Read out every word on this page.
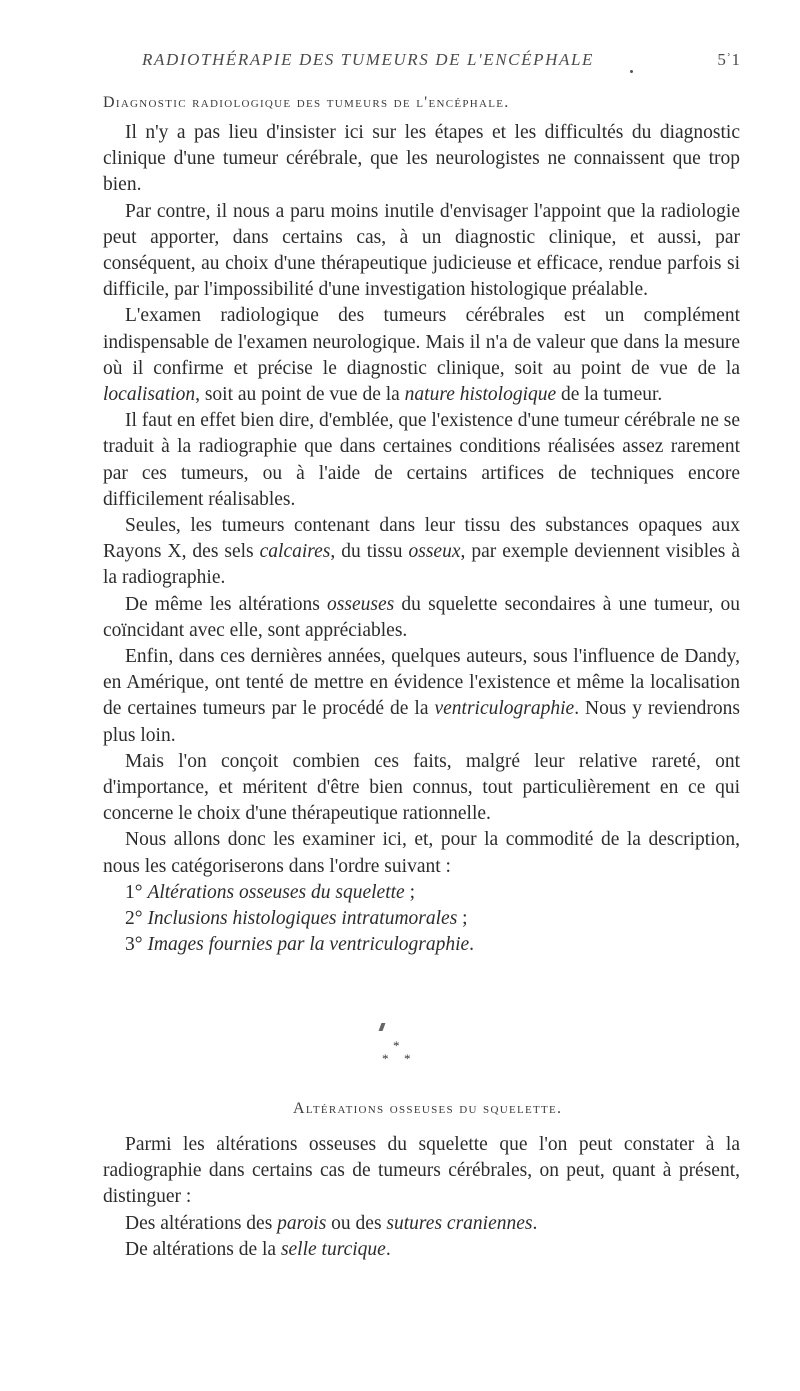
RADIOTHÉRAPIE DES TUMEURS DE L'ENCÉPHALE	5ʾ1
Diagnostic radiologique des tumeurs de l'encéphale.

Il n'y a pas lieu d'insister ici sur les étapes et les difficultés du diagnostic clinique d'une tumeur cérébrale, que les neurologistes ne connaissent que trop bien.

Par contre, il nous a paru moins inutile d'envisager l'appoint que la radiologie peut apporter, dans certains cas, à un diagnostic clinique, et aussi, par conséquent, au choix d'une thérapeutique judicieuse et efficace, rendue parfois si difficile, par l'impossibilité d'une investigation histologique préalable.

L'examen radiologique des tumeurs cérébrales est un complément indispensable de l'examen neurologique. Mais il n'a de valeur que dans la mesure où il confirme et précise le diagnostic clinique, soit au point de vue de la localisation, soit au point de vue de la nature histologique de la tumeur.

Il faut en effet bien dire, d'emblée, que l'existence d'une tumeur cérébrale ne se traduit à la radiographie que dans certaines conditions réalisées assez rarement par ces tumeurs, ou à l'aide de certains artifices de techniques encore difficilement réalisables.

Seules, les tumeurs contenant dans leur tissu des substances opaques aux Rayons X, des sels calcaires, du tissu osseux, par exemple deviennent visibles à la radiographie.

De même les altérations osseuses du squelette secondaires à une tumeur, ou coïncidant avec elle, sont appréciables.

Enfin, dans ces dernières années, quelques auteurs, sous l'influence de Dandy, en Amérique, ont tenté de mettre en évidence l'existence et même la localisation de certaines tumeurs par le procédé de la ventriculographie. Nous y reviendrons plus loin.

Mais l'on conçoit combien ces faits, malgré leur relative rareté, ont d'importance, et méritent d'être bien connus, tout particulièrement en ce qui concerne le choix d'une thérapeutique rationnelle.

Nous allons donc les examiner ici, et, pour la commodité de la description, nous les catégoriserons dans l'ordre suivant :

1° Altérations osseuses du squelette ;

2° Inclusions histologiques intratumorales ;

3° Images fournies par la ventriculographie.

*
* *
Altérations osseuses du squelette.

Parmi les altérations osseuses du squelette que l'on peut constater à la radiographie dans certains cas de tumeurs cérébrales, on peut, quant à présent, distinguer :

Des altérations des parois ou des sutures craniennes.

De altérations de la selle turcique.
